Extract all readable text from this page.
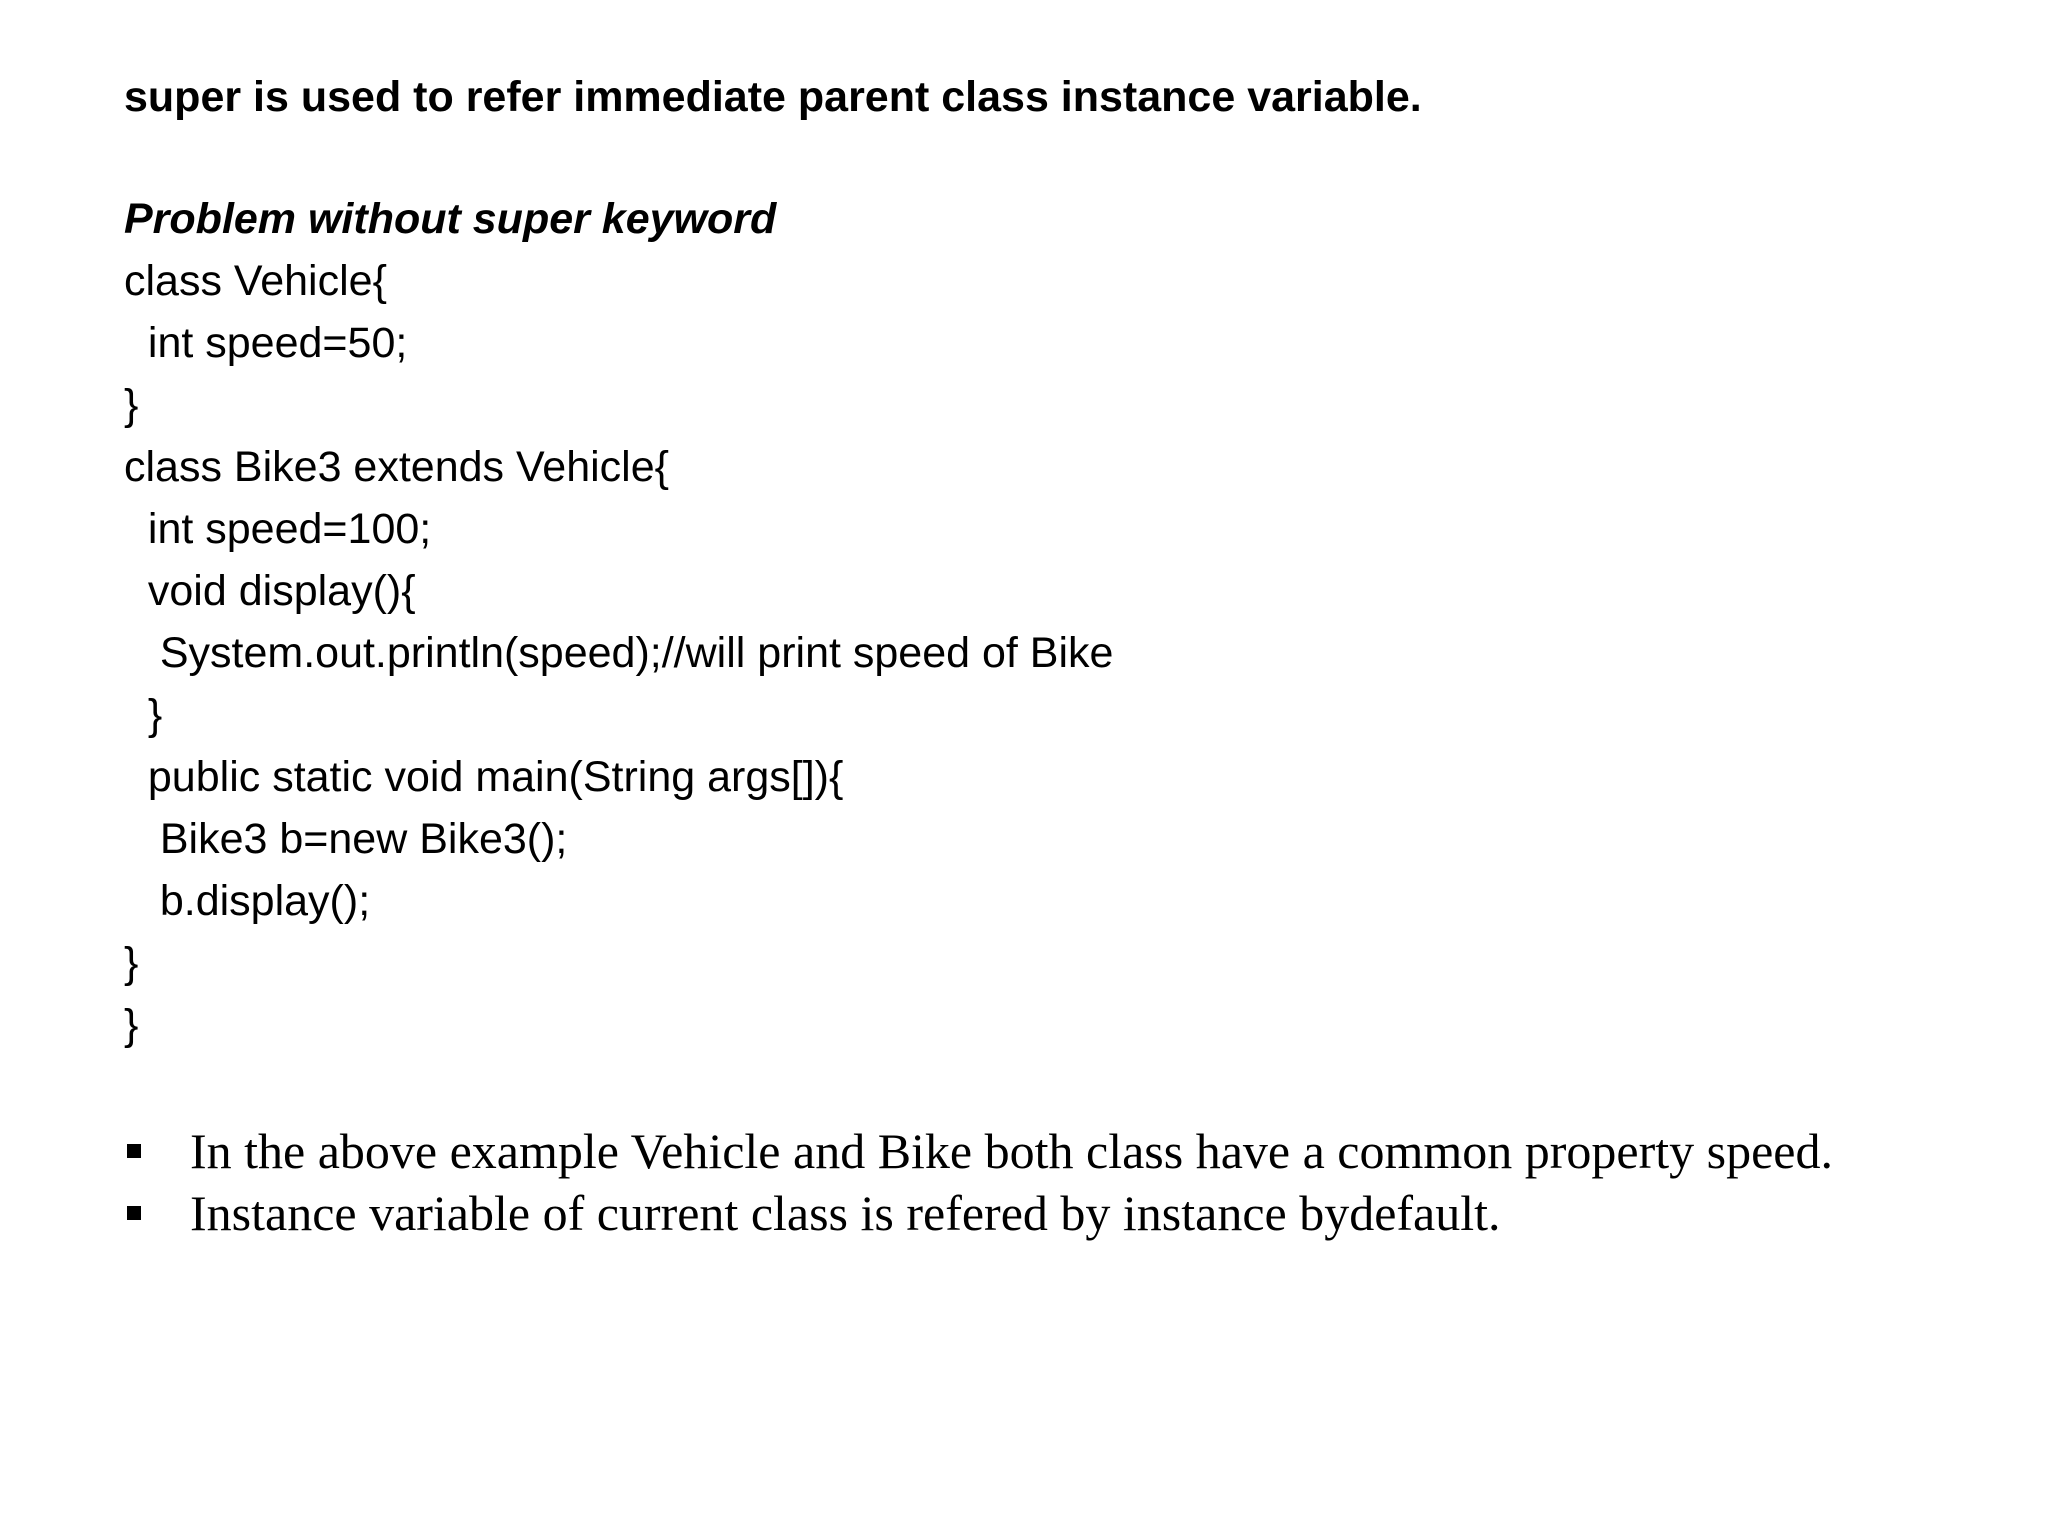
super is used to refer immediate parent class instance variable.
Problem without super keyword
class Vehicle{
int speed=50;
}
class Bike3 extends Vehicle{
int speed=100;
void display(){
System.out.println(speed);//will print speed of Bike
}
public static void main(String args[]){
Bike3 b=new Bike3();
b.display();
}
}
In the above example Vehicle and Bike both class have a common property speed.
Instance variable of current class is refered by instance bydefault.
